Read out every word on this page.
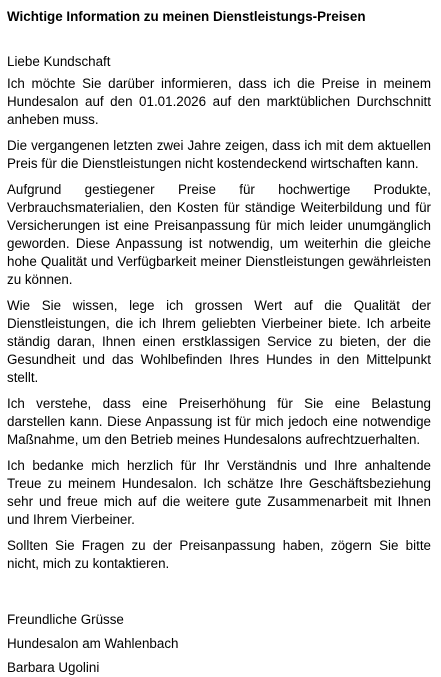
Wichtige Information zu meinen Dienstleistungs-Preisen
Liebe Kundschaft
Ich möchte Sie darüber informieren, dass ich die Preise in meinem Hundesalon auf den 01.01.2026 auf den marktüblichen Durchschnitt anheben muss.
Die vergangenen letzten zwei Jahre zeigen, dass ich mit dem aktuellen Preis für die Dienstleistungen nicht kostendeckend wirtschaften kann.
Aufgrund gestiegener Preise für hochwertige Produkte, Verbrauchsmaterialien, den Kosten für ständige Weiterbildung und für Versicherungen ist eine Preisanpassung für mich leider unumgänglich geworden. Diese Anpassung ist notwendig, um weiterhin die gleiche hohe Qualität und Verfügbarkeit meiner Dienstleistungen gewährleisten zu können.
Wie Sie wissen, lege ich grossen Wert auf die Qualität der Dienstleistungen, die ich Ihrem geliebten Vierbeiner biete. Ich arbeite ständig daran, Ihnen einen erstklassigen Service zu bieten, der die Gesundheit und das Wohlbefinden Ihres Hundes in den Mittelpunkt stellt.
Ich verstehe, dass eine Preiserhöhung für Sie eine Belastung darstellen kann. Diese Anpassung ist für mich jedoch eine notwendige Maßnahme, um den Betrieb meines Hundesalons aufrechtzuerhalten.
Ich bedanke mich herzlich für Ihr Verständnis und Ihre anhaltende Treue zu meinem Hundesalon. Ich schätze Ihre Geschäftsbeziehung sehr und freue mich auf die weitere gute Zusammenarbeit mit Ihnen und Ihrem Vierbeiner.
Sollten Sie Fragen zu der Preisanpassung haben, zögern Sie bitte nicht, mich zu kontaktieren.
Freundliche Grüsse
Hundesalon am Wahlenbach
Barbara Ugolini
